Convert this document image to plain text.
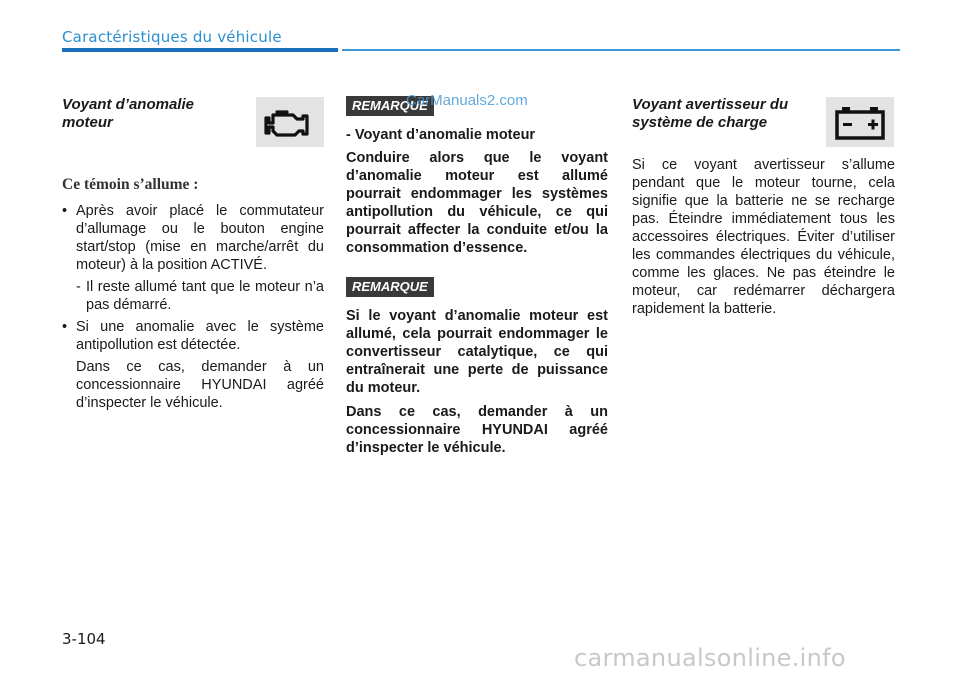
Caractéristiques du véhicule
Voyant d’anomalie moteur
Ce témoin s’allume :
• Après avoir placé le commutateur d’allumage ou le bouton engine start/stop (mise en marche/arrêt du moteur) à la position ACTIVÉ.
- Il reste allumé tant que le moteur n’a pas démarré.
• Si une anomalie avec le système antipollution est détectée.
Dans ce cas, demander à un concessionnaire HYUNDAI agréé d’inspecter le véhicule.
REMARQUE
- Voyant d’anomalie moteur
Conduire alors que le voyant d’anomalie moteur est allumé pourrait endommager les systèmes antipollution du véhicule, ce qui pourrait affecter la conduite et/ou la consommation d’essence.
REMARQUE
Si le voyant d’anomalie moteur est allumé, cela pourrait endommager le convertisseur catalytique, ce qui entraînerait une perte de puissance du moteur.
Dans ce cas, demander à un concessionnaire HYUNDAI agréé d’inspecter le véhicule.
Voyant avertisseur du système de charge
Si ce voyant avertisseur s’allume pendant que le moteur tourne, cela signifie que la batterie ne se recharge pas. Éteindre immédiatement tous les accessoires électriques. Éviter d’utiliser les commandes électriques du véhicule, comme les glaces. Ne pas éteindre le moteur, car redémarrer déchargera rapidement la batterie.
CarManuals2.com
3-104
carmanualsonline.info
